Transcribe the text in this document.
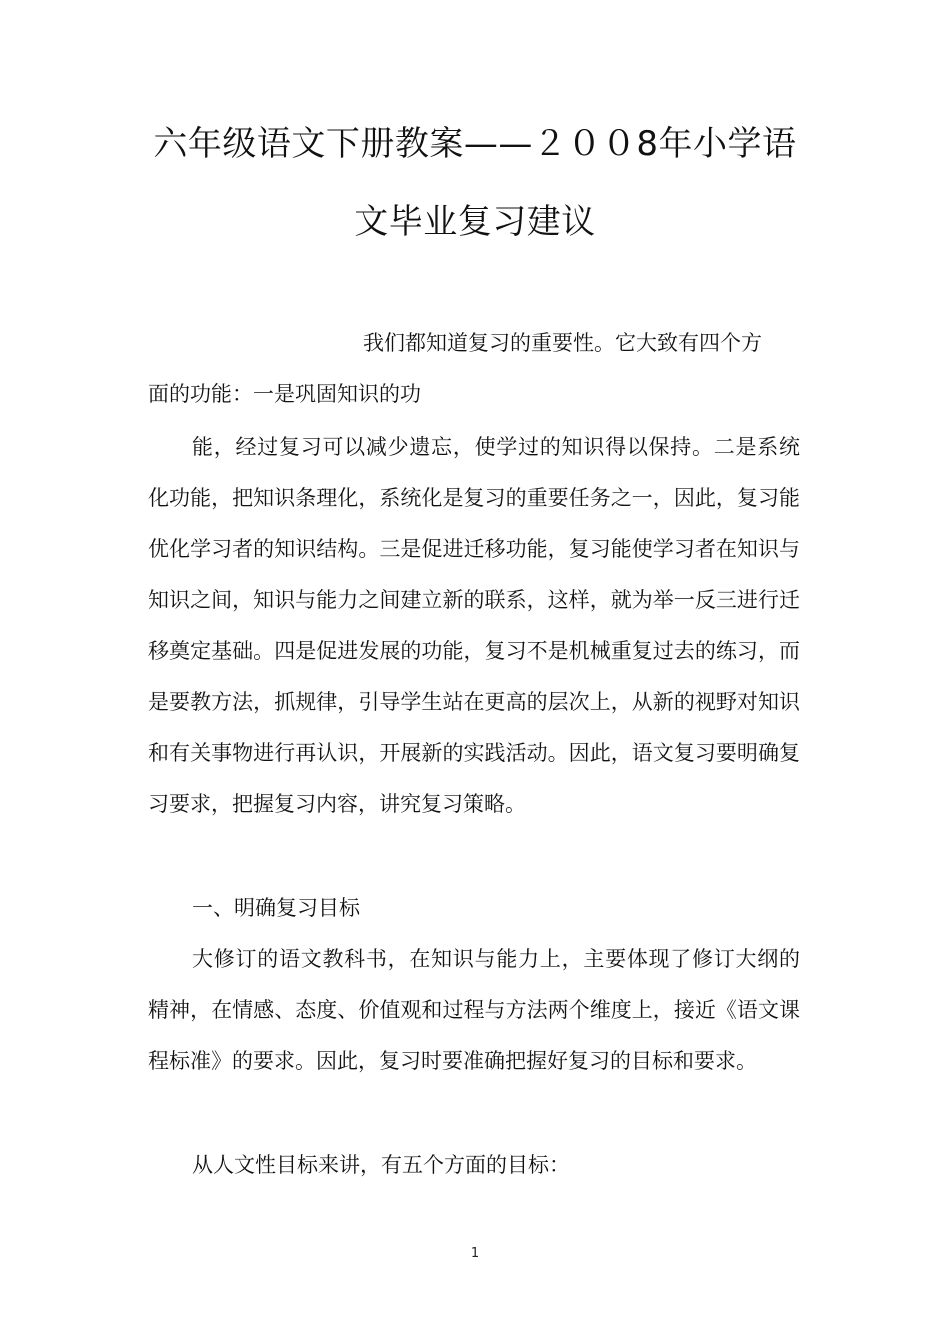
六年级语文下册教案——２００8年小学语
文毕业复习建议

我们都知道复习的重要性。它大致有四个方

面的功能：一是巩固知识的功

能，经过复习可以减少遗忘，使学过的知识得以保持。二是系统化功能，把知识条理化，系统化是复习的重要任务之一，因此，复习能优化学习者的知识结构。三是促进迁移功能，复习能使学习者在知识与知识之间，知识与能力之间建立新的联系，这样，就为举一反三进行迁移奠定基础。四是促进发展的功能，复习不是机械重复过去的练习，而是要教方法，抓规律，引导学生站在更高的层次上，从新的视野对知识和有关事物进行再认识，开展新的实践活动。因此，语文复习要明确复习要求，把握复习内容，讲究复习策略。

一、明确复习目标

大修订的语文教科书，在知识与能力上，主要体现了修订大纲的精神，在情感、态度、价值观和过程与方法两个维度上，接近《语文课程标准》的要求。因此，复习时要准确把握好复习的目标和要求。

从人文性目标来讲，有五个方面的目标：

1
